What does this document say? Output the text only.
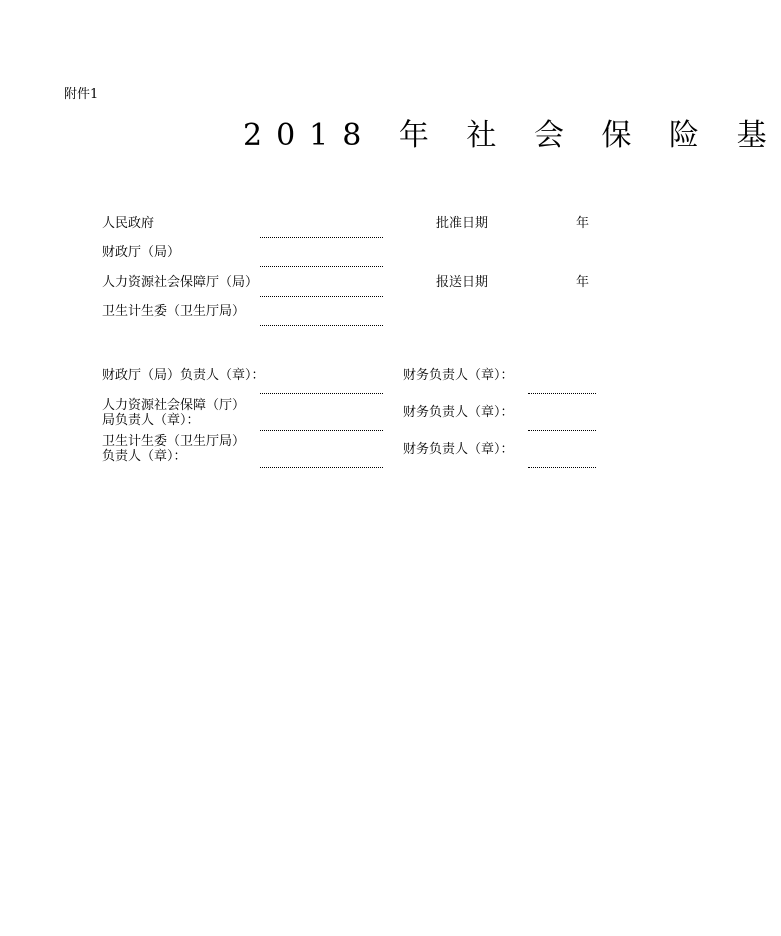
附件1
2018 年 社 会 保 险 基
人民政府
财政厅（局）
人力资源社会保障厅（局）
卫生计生委（卫生厅局）
批准日期	年
报送日期	年
财政厅（局）负责人（章）：
人力资源社会保障（厅）
局负责人（章）：
卫生计生委（卫生厅局）
负责人（章）：
财务负责人（章）：
财务负责人（章）：
财务负责人（章）：
